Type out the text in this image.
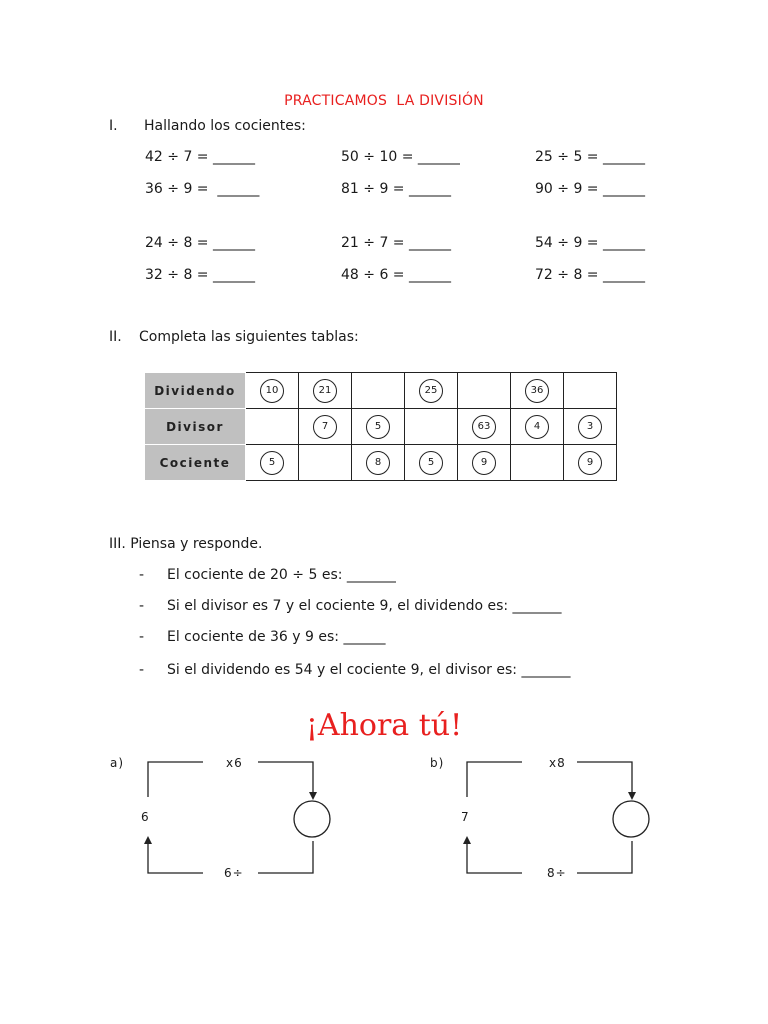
PRACTICAMOS  LA DIVISIÓN
I. Hallando los cocientes:
42 ÷ 7 = ______	50 ÷ 10 = ______	25 ÷ 5 = ______
36 ÷ 9 =  ______	81 ÷ 9 = ______	90 ÷ 9 = ______
24 ÷ 8 = ______	21 ÷ 7 = ______	54 ÷ 9 = ______
32 ÷ 8 = ______	48 ÷ 6 = ______	72 ÷ 8 = ______
II. Completa las siguientes tablas:
Dividendo	10	21		25		36	
Divisor		7	5		63	4	3
Cociente	5		8	5	9		9
III. Piensa y responde.
- El cociente de 20 ÷ 5 es: _______
- Si el divisor es 7 y el cociente 9, el dividendo es: _______
- El cociente de 36 y 9 es: ______
- Si el dividendo es 54 y el cociente 9, el divisor es: _______
¡Ahora tú!
a)	x6
6
6÷
b)	x8
7
8÷
